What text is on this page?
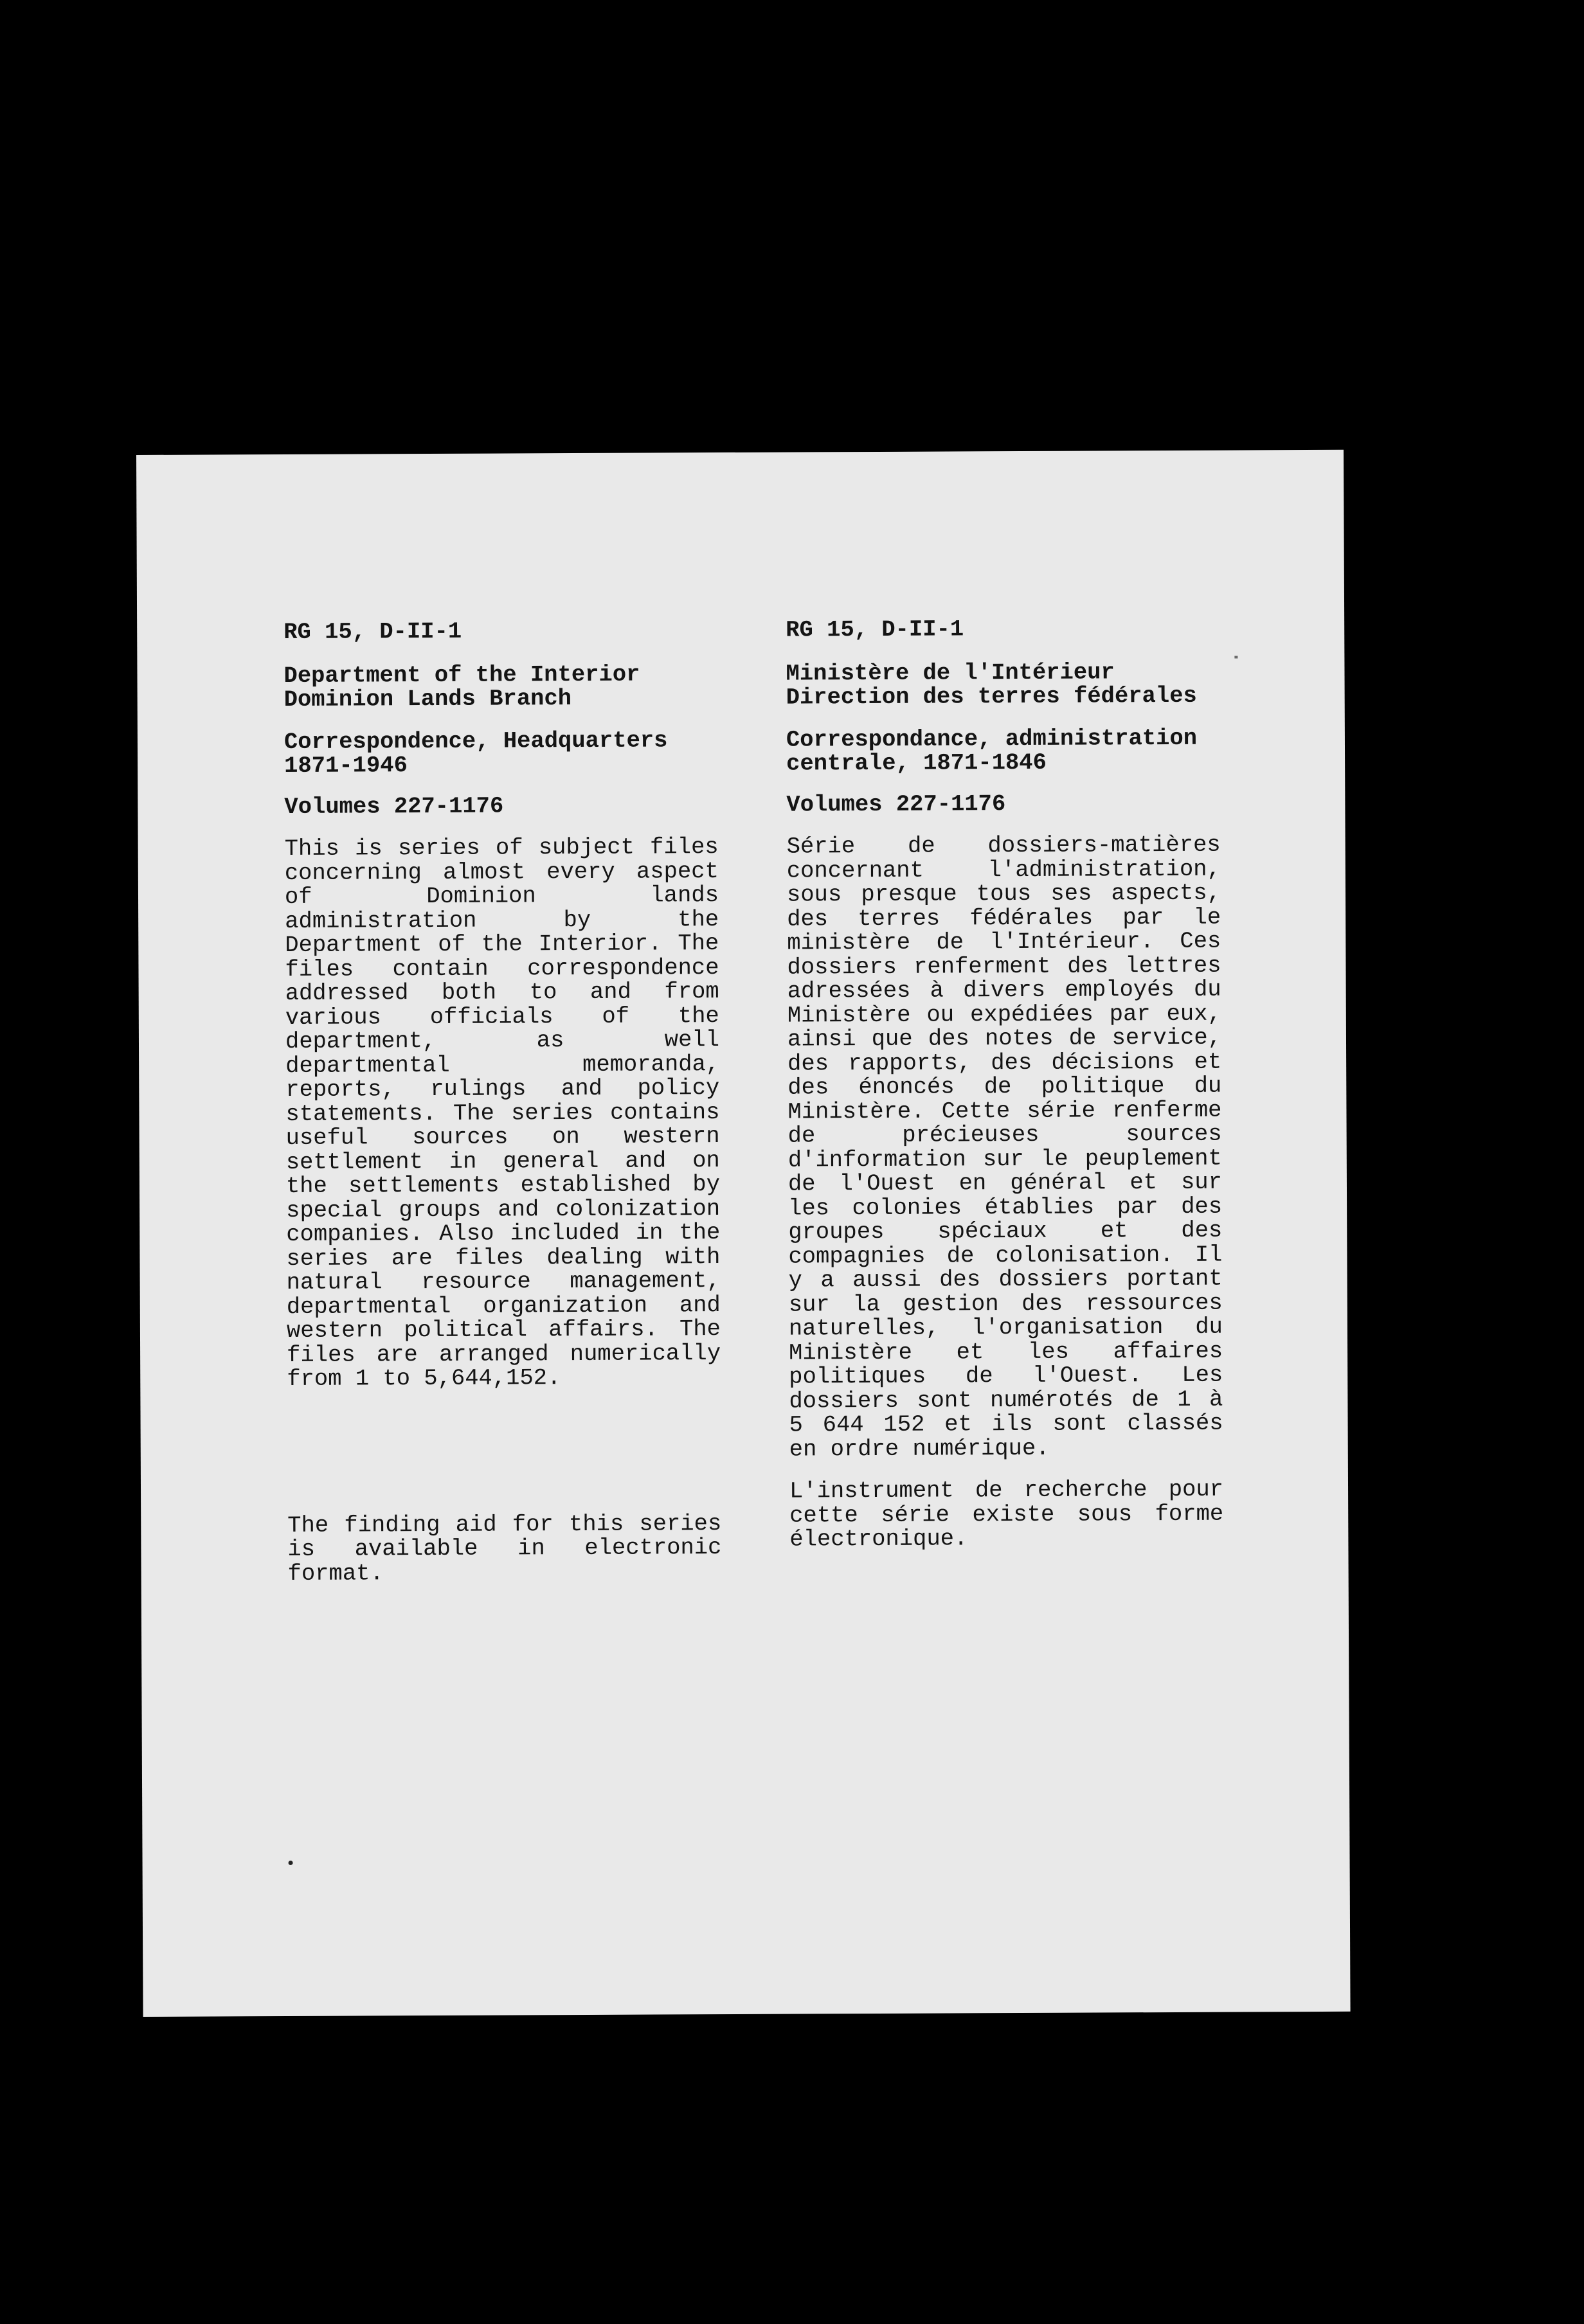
RG 15, D-II-1

Department of the Interior
Dominion Lands Branch

Correspondence, Headquarters
1871-1946

Volumes 227-1176

This is series of subject files concerning almost every aspect of Dominion lands administration by the Department of the Interior. The files contain correspondence addressed both to and from various officials of the department, as well departmental memoranda, reports, rulings and policy statements. The series contains useful sources on western settlement in general and on the settlements established by special groups and colonization companies. Also included in the series are files dealing with natural resource management, departmental organization and western political affairs. The files are arranged numerically from 1 to 5,644,152.

The finding aid for this series is available in electronic format.

RG 15, D-II-1

Ministère de l'Intérieur
Direction des terres fédérales

Correspondance, administration
centrale, 1871-1846

Volumes 227-1176

Série de dossiers-matières concernant l'administration, sous presque tous ses aspects, des terres fédérales par le ministère de l'Intérieur. Ces dossiers renferment des lettres adressées à divers employés du Ministère ou expédiées par eux, ainsi que des notes de service, des rapports, des décisions et des énoncés de politique du Ministère. Cette série renferme de précieuses sources d'information sur le peuplement de l'Ouest en général et sur les colonies établies par des groupes spéciaux et des compagnies de colonisation. Il y a aussi des dossiers portant sur la gestion des ressources naturelles, l'organisation du Ministère et les affaires politiques de l'Ouest. Les dossiers sont numérotés de 1 à 5 644 152 et ils sont classés en ordre numérique.

L'instrument de recherche pour cette série existe sous forme électronique.
